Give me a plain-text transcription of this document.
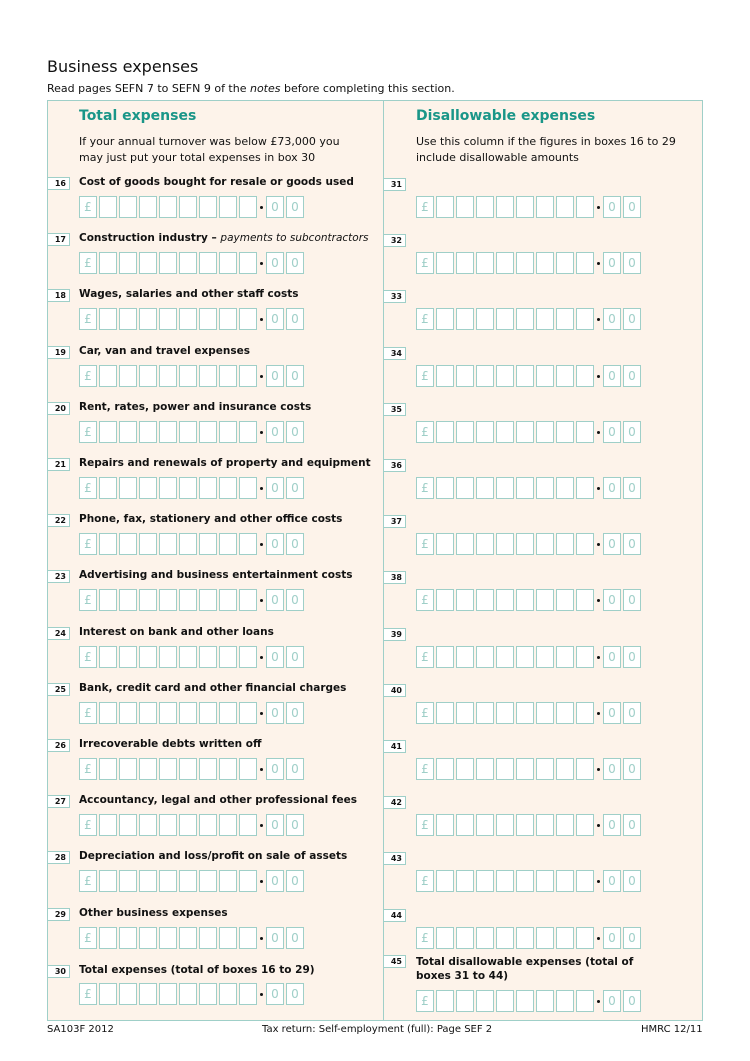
Business expenses
Read pages SEFN 7 to SEFN 9 of the notes before completing this section.
Total expenses
If your annual turnover was below £73,000 you may just put your total expenses in box 30
Disallowable expenses
Use this column if the figures in boxes 16 to 29 include disallowable amounts
16	Cost of goods bought for resale or goods used
£	0	0
31
£	0	0
17	Construction industry – payments to subcontractors
£	0	0
32
£	0	0
18	Wages, salaries and other staff costs
£	0	0
33
£	0	0
19	Car, van and travel expenses
£	0	0
34
£	0	0
20	Rent, rates, power and insurance costs
£	0	0
35
£	0	0
21	Repairs and renewals of property and equipment
£	0	0
36
£	0	0
22	Phone, fax, stationery and other office costs
£	0	0
37
£	0	0
23	Advertising and business entertainment costs
£	0	0
38
£	0	0
24	Interest on bank and other loans
£	0	0
39
£	0	0
25	Bank, credit card and other financial charges
£	0	0
40
£	0	0
26	Irrecoverable debts written off
£	0	0
41
£	0	0
27	Accountancy, legal and other professional fees
£	0	0
42
£	0	0
28	Depreciation and loss/profit on sale of assets
£	0	0
43
£	0	0
29	Other business expenses
£	0	0
44
£	0	0
30	Total expenses (total of boxes 16 to 29)
£	0	0
45	Total disallowable expenses (total of boxes 31 to 44)
£	0	0
SA103F 2012	Tax return: Self-employment (full): Page SEF 2	HMRC 12/11
